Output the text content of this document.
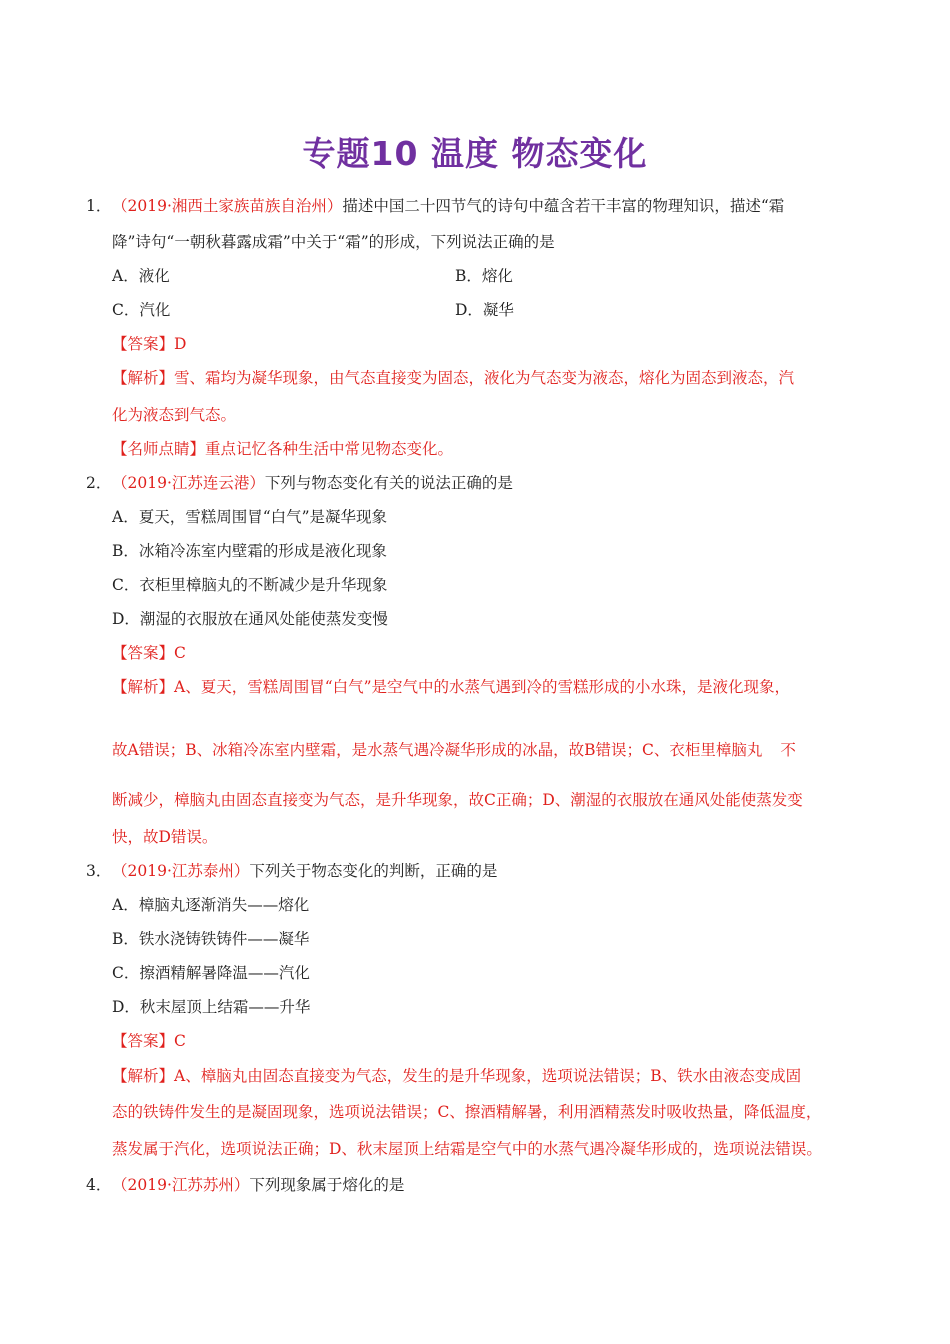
专题10 温度 物态变化
1． （2019·湘西土家族苗族自治州）描述中国二十四节气的诗句中蕴含若干丰富的物理知识，描述“霜
降”诗句“一朝秋暮露成霜”中关于“霜”的形成，下列说法正确的是
A．液化	B．熔化
C．汽化	D．凝华
【答案】D
【解析】雪、霜均为凝华现象，由气态直接变为固态，液化为气态变为液态，熔化为固态到液态，汽
化为液态到气态。
【名师点睛】重点记忆各种生活中常见物态变化。
2． （2019·江苏连云港）下列与物态变化有关的说法正确的是
A．夏天，雪糕周围冒“白气”是凝华现象
B．冰箱冷冻室内壁霜的形成是液化现象
C．衣柜里樟脑丸的不断减少是升华现象
D．潮湿的衣服放在通风处能使蒸发变慢
【答案】C
【解析】A、夏天，雪糕周围冒“白气”是空气中的水蒸气遇到冷的雪糕形成的小水珠，是液化现象，
故A错误；B、冰箱冷冻室内壁霜，是水蒸气遇冷凝华形成的冰晶，故B错误；C、衣柜里樟脑丸 不
断减少，樟脑丸由固态直接变为气态，是升华现象，故C正确；D、潮湿的衣服放在通风处能使蒸发变
快，故D错误。
3． （2019·江苏泰州）下列关于物态变化的判断，正确的是
A．樟脑丸逐渐消失——熔化
B．铁水浇铸铁铸件——凝华
C．擦酒精解暑降温——汽化
D．秋末屋顶上结霜——升华
【答案】C
【解析】A、樟脑丸由固态直接变为气态，发生的是升华现象，选项说法错误；B、铁水由液态变成固
态的铁铸件发生的是凝固现象，选项说法错误；C、擦酒精解暑，利用酒精蒸发时吸收热量，降低温度，
蒸发属于汽化，选项说法正确；D、秋末屋顶上结霜是空气中的水蒸气遇冷凝华形成的，选项说法错误。
4． （2019·江苏苏州）下列现象属于熔化的是
